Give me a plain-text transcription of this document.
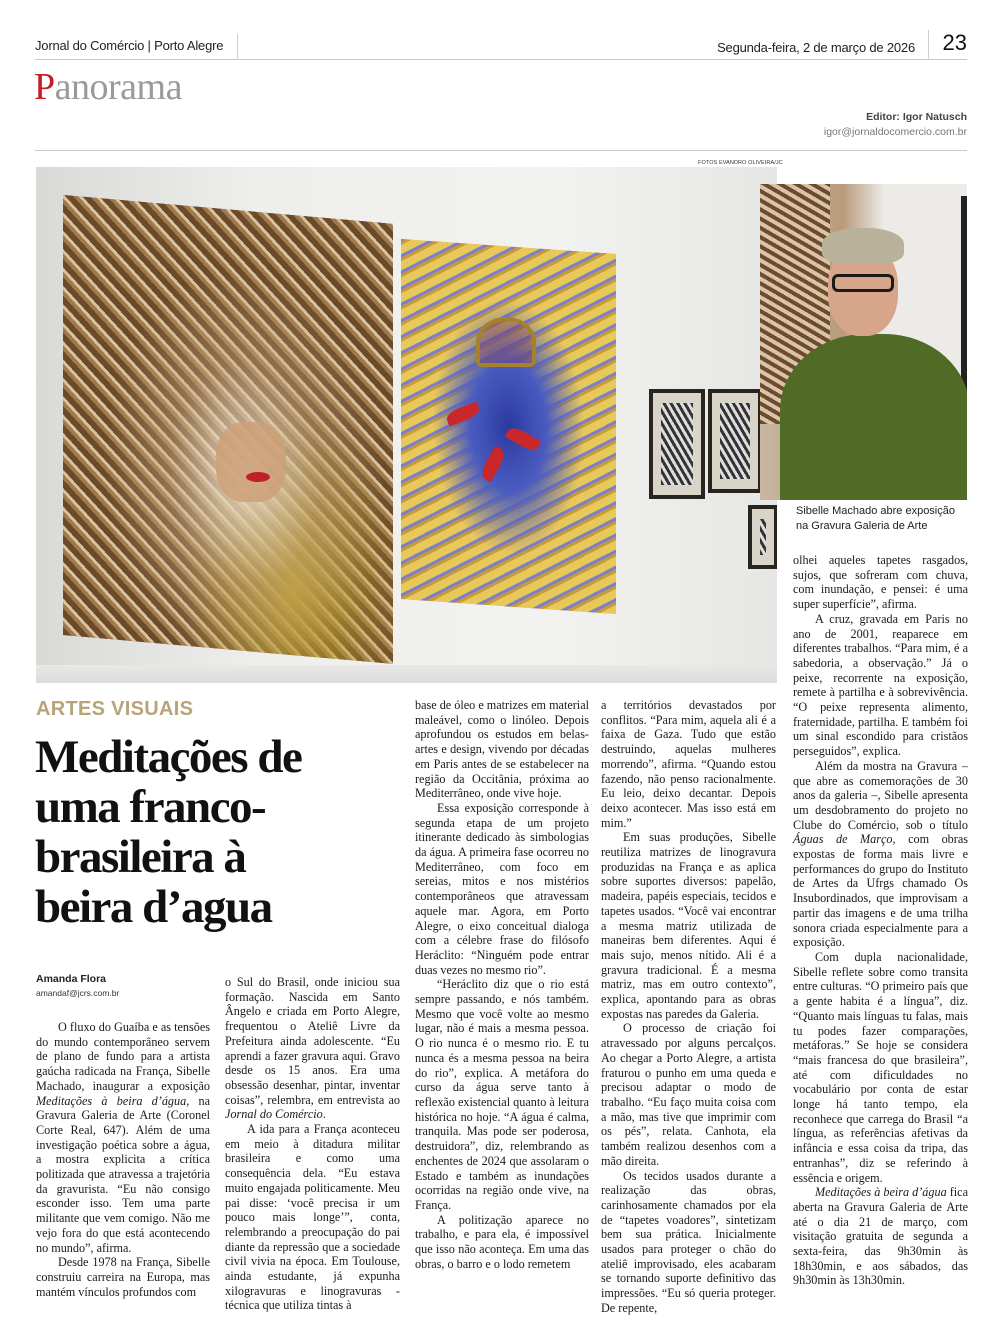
Jornal do Comércio | Porto Alegre	Segunda-feira, 2 de março de 2026 23
Panorama
Editor: Igor Natusch
igor@jornaldocomercio.com.br
FOTOS EVANDRO OLIVEIRA/JC
Sibelle Machado abre exposição na Gravura Galeria de Arte
ARTES VISUAIS
Meditações de
uma franco-
brasileira à
beira d’agua
Amanda Flora
amandaf@jcrs.com.br

O fluxo do Guaíba e as tensões do mundo contemporâneo servem de plano de fundo para a artista gaúcha radicada na França, Sibelle Machado, inaugurar a exposição Meditações à beira d’água, na Gravura Galeria de Arte (Coronel Corte Real, 647). Além de uma investigação poética sobre a água, a mostra explicita a crítica politizada que atravessa a trajetória da gravurista. “Eu não consigo esconder isso. Tem uma parte militante que vem comigo. Não me vejo fora do que está acontecendo no mundo”, afirma.

Desde 1978 na França, Sibelle construiu carreira na Europa, mas mantém vínculos profundos com

o Sul do Brasil, onde iniciou sua formação. Nascida em Santo Ângelo e criada em Porto Alegre, frequentou o Ateliê Livre da Prefeitura ainda adolescente. “Eu aprendi a fazer gravura aqui. Gravo desde os 15 anos. Era uma obsessão desenhar, pintar, inventar coisas”, relembra, em entrevista ao Jornal do Comércio.

A ida para a França aconteceu em meio à ditadura militar brasileira e como uma consequência dela. “Eu estava muito engajada politicamente. Meu pai disse: ‘você precisa ir um pouco mais longe’”, conta, relembrando a preocupação do pai diante da repressão que a sociedade civil vivia na época. Em Toulouse, ainda estudante, já expunha xilogravuras e linogravuras - técnica que utiliza tintas à

base de óleo e matrizes em material maleável, como o linóleo. Depois aprofundou os estudos em belas-artes e design, vivendo por décadas em Paris antes de se estabelecer na região da Occitânia, próxima ao Mediterrâneo, onde vive hoje.

Essa exposição corresponde à segunda etapa de um projeto itinerante dedicado às simbologias da água. A primeira fase ocorreu no Mediterrâneo, com foco em sereias, mitos e nos mistérios contemporâneos que atravessam aquele mar. Agora, em Porto Alegre, o eixo conceitual dialoga com a célebre frase do filósofo Heráclito: “Ninguém pode entrar duas vezes no mesmo rio”.

“Heráclito diz que o rio está sempre passando, e nós também. Mesmo que você volte ao mesmo lugar, não é mais a mesma pessoa. O rio nunca é o mesmo rio. E tu nunca és a mesma pessoa na beira do rio”, explica. A metáfora do curso da água serve tanto à reflexão existencial quanto à leitura histórica no hoje. “A água é calma, tranquila. Mas pode ser poderosa, destruidora”, diz, relembrando as enchentes de 2024 que assolaram o Estado e também as inundações ocorridas na região onde vive, na França.

A politização aparece no trabalho, e para ela, é impossível que isso não aconteça. Em uma das obras, o barro e o lodo remetem

a territórios devastados por conflitos. “Para mim, aquela ali é a faixa de Gaza. Tudo que estão destruindo, aquelas mulheres morrendo”, afirma. “Quando estou fazendo, não penso racionalmente. Eu leio, deixo decantar. Depois deixo acontecer. Mas isso está em mim.”

Em suas produções, Sibelle reutiliza matrizes de linogravura produzidas na França e as aplica sobre suportes diversos: papelão, madeira, papéis especiais, tecidos e tapetes usados. “Você vai encontrar a mesma matriz utilizada de maneiras bem diferentes. Aqui é mais sujo, menos nítido. Ali é a gravura tradicional. É a mesma matriz, mas em outro contexto”, explica, apontando para as obras expostas nas paredes da Galeria.

O processo de criação foi atravessado por alguns percalços. Ao chegar a Porto Alegre, a artista fraturou o punho em uma queda e precisou adaptar o modo de trabalho. “Eu faço muita coisa com a mão, mas tive que imprimir com os pés”, relata. Canhota, ela também realizou desenhos com a mão direita.

Os tecidos usados durante a realização das obras, carinhosamente chamados por ela de “tapetes voadores”, sintetizam bem sua prática. Inicialmente usados para proteger o chão do ateliê improvisado, eles acabaram se tornando suporte definitivo das impressões. “Eu só queria proteger. De repente,

olhei aqueles tapetes rasgados, sujos, que sofreram com chuva, com inundação, e pensei: é uma super superfície”, afirma.

A cruz, gravada em Paris no ano de 2001, reaparece em diferentes trabalhos. “Para mim, é a sabedoria, a observação.” Já o peixe, recorrente na exposição, remete à partilha e à sobrevivência. “O peixe representa alimento, fraternidade, partilha. E também foi um sinal escondido para cristãos perseguidos”, explica.

Além da mostra na Gravura – que abre as comemorações de 30 anos da galeria –, Sibelle apresenta um desdobramento do projeto no Clube do Comércio, sob o título Águas de Março, com obras expostas de forma mais livre e performances do grupo do Instituto de Artes da Ufrgs chamado Os Insubordinados, que improvisam a partir das imagens e de uma trilha sonora criada especialmente para a exposição.

Com dupla nacionalidade, Sibelle reflete sobre como transita entre culturas. “O primeiro país que a gente habita é a língua”, diz. “Quanto mais línguas tu falas, mais tu podes fazer comparações, metáforas.” Se hoje se considera “mais francesa do que brasileira”, até com dificuldades no vocabulário por conta de estar longe há tanto tempo, ela reconhece que carrega do Brasil “a língua, as referências afetivas da infância e essa coisa da tripa, das entranhas”, diz se referindo à essência e origem.

Meditações à beira d’água fica aberta na Gravura Galeria de Arte até o dia 21 de março, com visitação gratuita de segunda a sexta-feira, das 9h30min às 18h30min, e aos sábados, das 9h30min às 13h30min.
